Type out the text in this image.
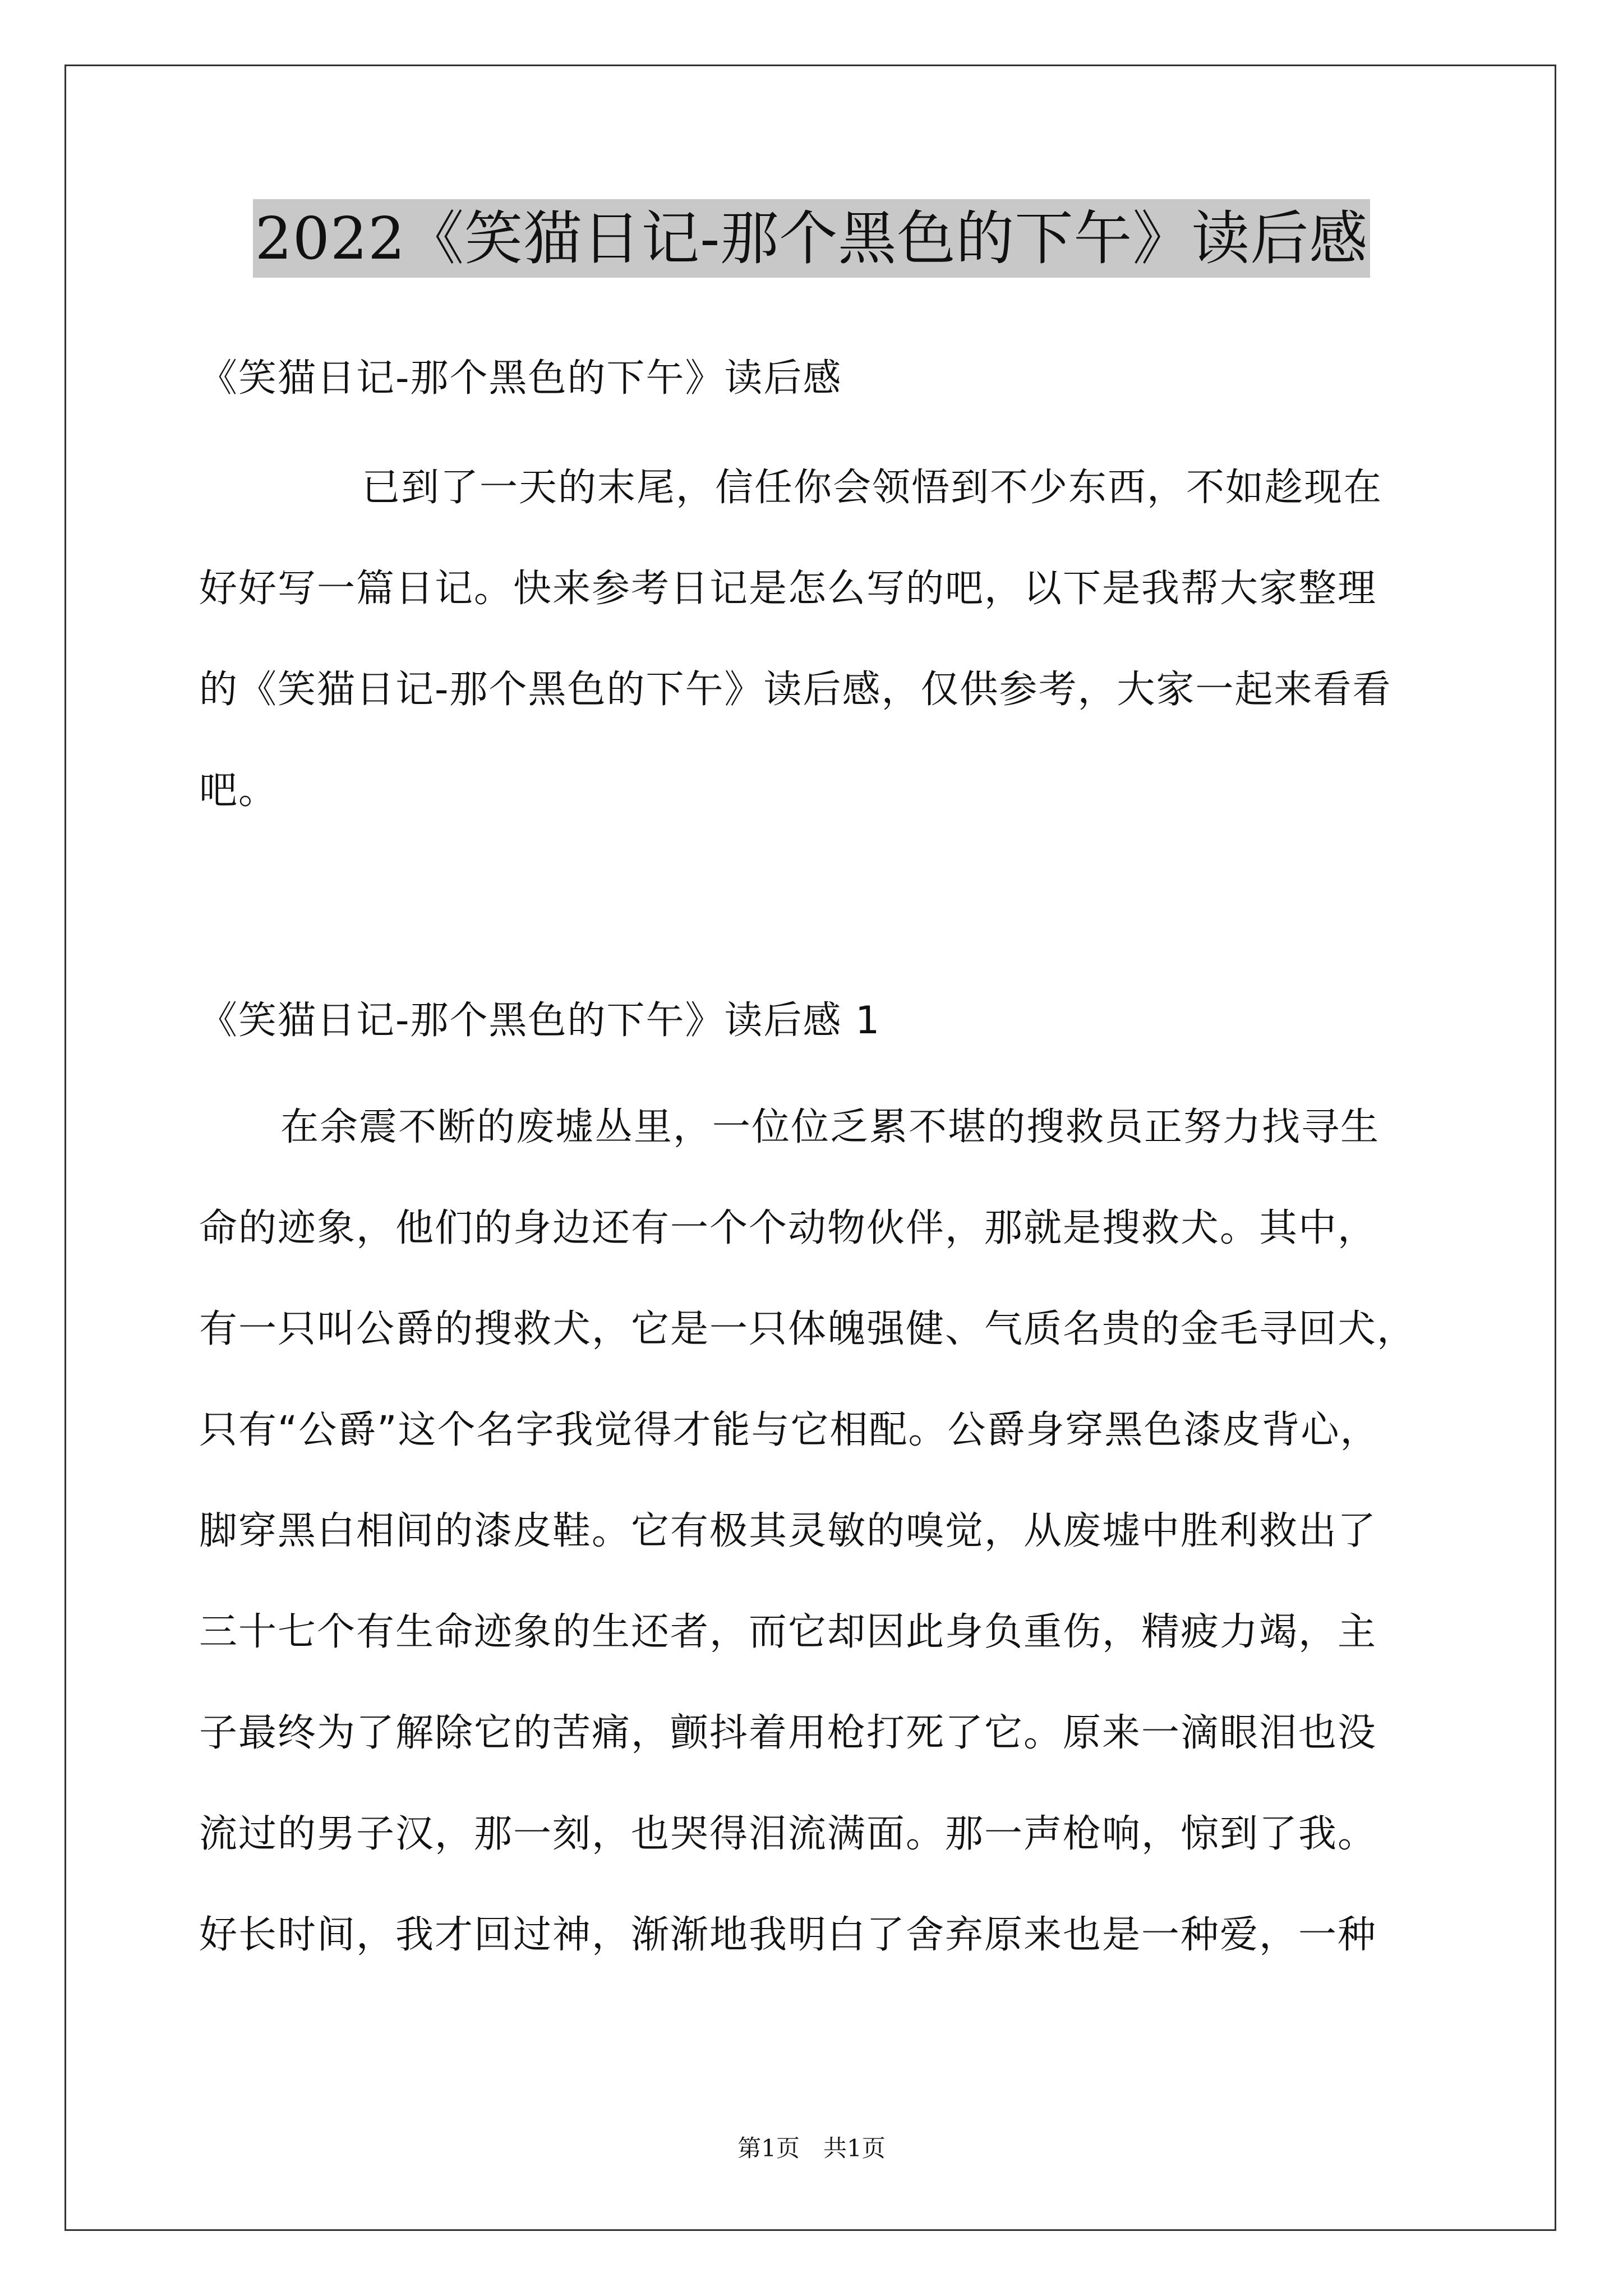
2022《笑猫日记-那个黑色的下午》读后感
《笑猫日记-那个黑色的下午》读后感
已到了一天的末尾，信任你会领悟到不少东西，不如趁现在
好好写一篇日记。快来参考日记是怎么写的吧，以下是我帮大家整理
的《笑猫日记-那个黑色的下午》读后感，仅供参考，大家一起来看看
吧。
《笑猫日记-那个黑色的下午》读后感 1
在余震不断的废墟丛里，一位位乏累不堪的搜救员正努力找寻生
命的迹象，他们的身边还有一个个动物伙伴，那就是搜救犬。其中，
有一只叫公爵的搜救犬，它是一只体魄强健、气质名贵的金毛寻回犬，
只有“公爵”这个名字我觉得才能与它相配。公爵身穿黑色漆皮背心，
脚穿黑白相间的漆皮鞋。它有极其灵敏的嗅觉，从废墟中胜利救出了
三十七个有生命迹象的生还者，而它却因此身负重伤，精疲力竭，主
子最终为了解除它的苦痛，颤抖着用枪打死了它。原来一滴眼泪也没
流过的男子汉，那一刻，也哭得泪流满面。那一声枪响，惊到了我。
好长时间，我才回过神，渐渐地我明白了舍弃原来也是一种爱，一种
第1页　共1页
